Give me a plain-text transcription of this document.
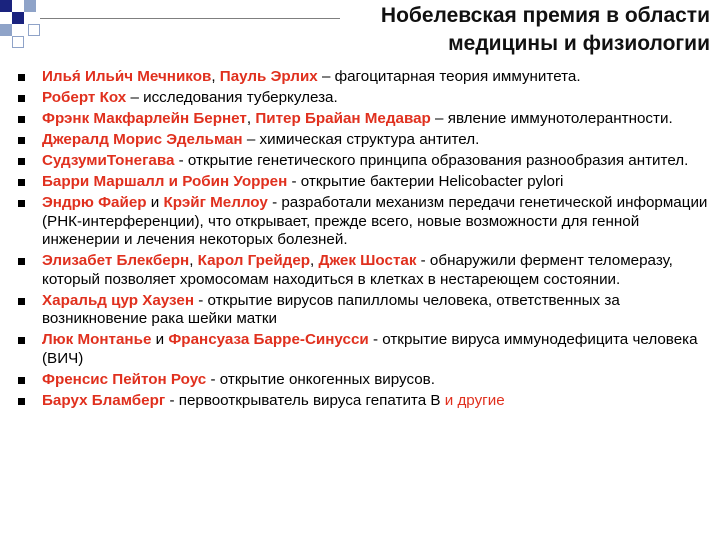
Нобелевская премия в области
медицины и физиологии
Илья́ Ильи́ч Мечников, Пауль Эрлих – фагоцитарная теория иммунитета.
Роберт Кох – исследования туберкулеза.
Фрэнк Макфарлейн Бернет, Питер Брайан Медавар – явление иммунотолерантности.
Джералд Морис Эдельман – химическая структура антител.
СудзумиТонегава - открытие генетического принципа образования разнообразия антител.
Барри Маршалл и Робин Уоррен - открытие бактерии Helicobacter pylori
Эндрю Файер и Крэйг Меллоу - разработали механизм передачи генетической информации (РНК-интерференции), что открывает, прежде всего, новые возможности для генной инженерии и лечения некоторых болезней.
Элизабет Блекберн, Карол Грейдер, Джек Шостак - обнаружили фермент теломеразу, который позволяет хромосомам находиться в клетках в нестареющем состоянии.
Харальд цур Хаузен - открытие вирусов папилломы человека, ответственных за возникновение рака шейки матки
Люк Монтанье и Франсуаза Барре-Синусси - открытие вируса иммунодефицита человека (ВИЧ)
Френсис Пейтон Роус - открытие онкогенных вирусов.
Барух Бламберг - первооткрыватель вируса гепатита В и другие
